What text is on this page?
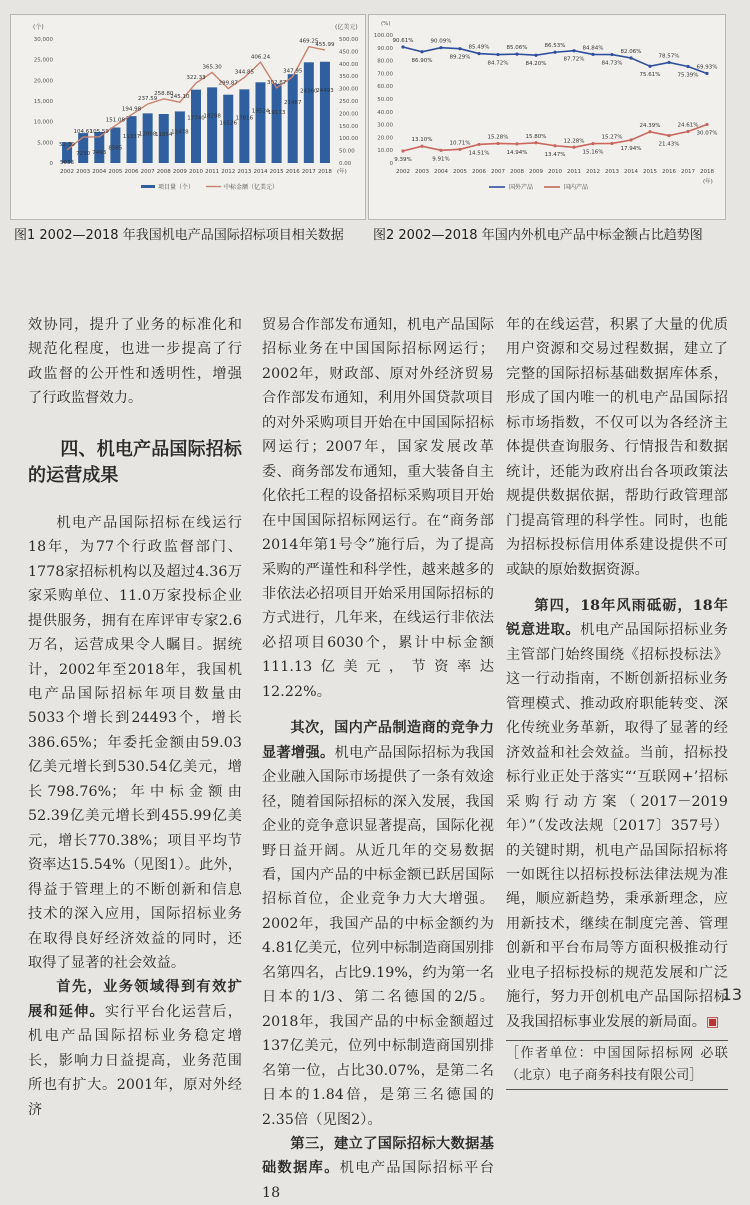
(个)	(亿美元)
0
5,000
10,000
15,000
20,000
25,000
30,000
0.00
50.00
100.00
150.00
200.00
250.00
300.00
350.00
400.00
450.00
500.00
5033
2002
7230
2003
7493
2004
8585
2005
11337
2006
12008
2007
11854
2008
12478
2009
17740
2010
18298
2011
16526
2012
17816
2013
19524
2014
19113
2015
21487
2016
24360
2017
24493
2018 (年)
52.39
104.61
105.59
151.08
194.98
237.59
258.80
245.10
322.33
365.30
299.87
344.85
406.24
302.87
347.95
469.25
455.99
项目量（个）	中标金额（亿美元）
(%)
0
10.00
20.00
30.00
40.00
50.00
60.00
70.00
80.00
90.00
100.00
2002 2003 2004 2005 2006 2007 2008 2009 2010 2011 2012 2013 2014 2015 2016 2017 2018
(年)
90.61%
86.90%
90.09%
89.29%
85.49%
84.72%
85.06%
84.20%
86.53%
87.72%
84.84%
84.73%
82.06%
75.61%
78.57%
75.39%
69.93%
9.39%
13.10%
9.91%
10.71%
14.51%
15.28%
14.94%
15.80%
13.47%
12.28%
15.16%
15.27%
17.94%
24.39%
21.43%
24.61%
30.07%
国外产品	国内产品
图1 2002—2018 年我国机电产品国际招标项目相关数据 图2 2002—2018 年国内外机电产品中标金额占比趋势图

效协同，提升了业务的标准化和规范化程度，也进一步提高了行政监督的公开性和透明性，增强了行政监督效力。

四、机电产品国际招标的运营成果

机电产品国际招标在线运行18年，为77个行政监督部门、1778家招标机构以及超过4.36万家采购单位、11.0万家投标企业提供服务，拥有在库评审专家2.6万名，运营成果令人瞩目。据统计，2002年至2018年，我国机电产品国际招标年项目数量由5033个增长到24493个，增长386.65%；年委托金额由59.03亿美元增长到530.54亿美元，增长798.76%；年中标金额由52.39亿美元增长到455.99亿美元，增长770.38%；项目平均节资率达15.54%（见图1）。此外，得益于管理上的不断创新和信息技术的深入应用，国际招标业务在取得良好经济效益的同时，还取得了显著的社会效益。

首先，业务领域得到有效扩展和延伸。实行平台化运营后，机电产品国际招标业务稳定增长，影响力日益提高，业务范围所也有扩大。2001年，原对外经济

贸易合作部发布通知，机电产品国际招标业务在中国国际招标网运行；2002年，财政部、原对外经济贸易合作部发布通知，利用外国贷款项目的对外采购项目开始在中国国际招标网运行；2007年，国家发展改革委、商务部发布通知，重大装备自主化依托工程的设备招标采购项目开始在中国国际招标网运行。在“商务部2014年第1号令”施行后，为了提高采购的严谨性和科学性，越来越多的非依法必招项目开始采用国际招标的方式进行，几年来，在线运行非依法必招项目6030个，累计中标金额111.13亿美元，节资率达12.22%。

其次，国内产品制造商的竞争力显著增强。机电产品国际招标为我国企业融入国际市场提供了一条有效途径，随着国际招标的深入发展，我国企业的竞争意识显著提高，国际化视野日益开阔。从近几年的交易数据看，国内产品的中标金额已跃居国际招标首位，企业竞争力大大增强。2002年，我国产品的中标金额约为4.81亿美元，位列中标制造商国别排名第四名，占比9.19%，约为第一名日本的1/3、第二名德国的2/5。2018年，我国产品的中标金额超过137亿美元，位列中标制造商国别排名第一位，占比30.07%，是第二名日本的1.84倍，是第三名德国的2.35倍（见图2）。

第三，建立了国际招标大数据基础数据库。机电产品国际招标平台18

年的在线运营，积累了大量的优质用户资源和交易过程数据，建立了完整的国际招标基础数据库体系，形成了国内唯一的机电产品国际招标市场指数，不仅可以为各经济主体提供查询服务、行情报告和数据统计，还能为政府出台各项政策法规提供数据依据，帮助行政管理部门提高管理的科学性。同时，也能为招标投标信用体系建设提供不可或缺的原始数据资源。

第四，18年风雨砥砺，18年锐意进取。机电产品国际招标业务主管部门始终围绕《招标投标法》这一行动指南，不断创新招标业务管理模式、推动政府职能转变、深化传统业务革新，取得了显著的经济效益和社会效益。当前，招标投标行业正处于落实“‘互联网+’招标采购行动方案（2017－2019年）”（发改法规〔2017〕357号）的关键时期，机电产品国际招标将一如既往以招标投标法律法规为准绳，顺应新趋势，秉承新理念，应用新技术，继续在制度完善、管理创新和平台布局等方面积极推动行业电子招标投标的规范发展和广泛施行，努力开创机电产品国际招标及我国招标事业发展的新局面。▣

［作者单位：中国国际招标网 必联（北京）电子商务科技有限公司］
13
